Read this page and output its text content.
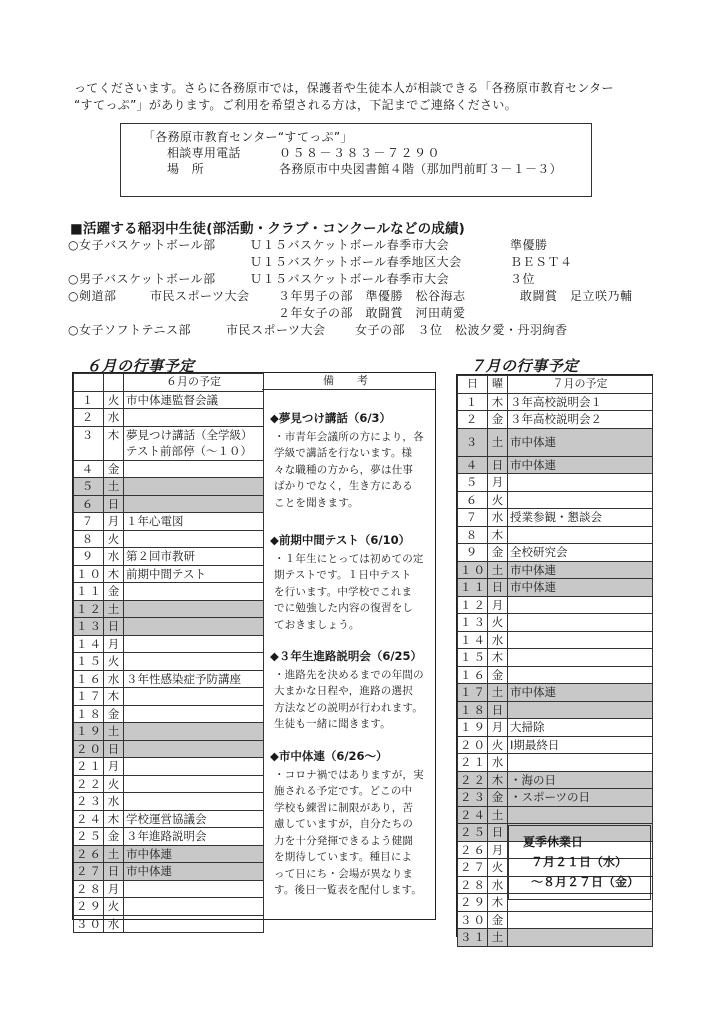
ってくださいます。さらに各務原市では，保護者や生徒本人が相談できる「各務原市教育センター
“すてっぷ”」があります。ご利用を希望される方は，下記までご連絡ください。
「各務原市教育センター“すてっぷ”」
相談専用電話	０５８－３８３－７２９０
場　所	各務原市中央図書館４階（那加門前町３－１－３）
■活躍する稲羽中生徒(部活動・クラブ・コンクールなどの成績)
○女子バスケットボール部	Ｕ１５バスケットボール春季市大会	準優勝
Ｕ１５バスケットボール春季地区大会	ＢＥＳＴ４
○男子バスケットボール部	Ｕ１５バスケットボール春季市大会	３位
○剣道部	市民スポーツ大会 ３年男子の部　準優勝　松谷海志	敢闘賞　足立咲乃輔
２年女子の部　敢闘賞　河田萌愛
○女子ソフトテニス部	市民スポーツ大会 女子の部　３位　松波夕愛・丹羽絢香
６月の行事予定
		６月の予定
１	火	市中体連監督会議
２	水	
３	木	夢見つけ講話（全学級）
テスト前部停（～１０）

４	金	
５	土	
６	日	
７	月	１年心電図
８	火	
９	水	第２回市教研
１０	木	前期中間テスト
１１	金	
１２	土	
１３	日	
１４	月	
１５	火	
１６	水	３年性感染症予防講座
１７	木	
１８	金	
１９	土	
２０	日	
２１	月	
２２	火	
２３	水	
２４	木	学校運営協議会
２５	金	３年進路説明会
２６	土	市中体連
２７	日	市中体連
２８	月	
２９	火	
３０	水	
備　考
◆夢見つけ講話（6/3）
・市青年会議所の方により，各
学級で講話を行ないます。様
々な職種の方から，夢は仕事
ばかりでなく，生き方にある
ことを聞きます。
◆前期中間テスト（6/10）
・１年生にとっては初めての定
期テストです。１日中テスト
を行います。中学校でこれま
でに勉強した内容の復習をし
ておきましょう。
◆３年生進路説明会（6/25）
・進路先を決めるまでの年間の
大まかな日程や，進路の選択
方法などの説明が行われます。
生徒も一緒に聞きます。
◆市中体連（6/26～）
・コロナ禍ではありますが，実
施される予定です。どこの中
学校も練習に制限があり，苦
慮していますが，自分たちの
力を十分発揮できるよう健闘
を期待しています。種目によ
って日にち・会場が異なりま
す。後日一覧表を配付します。
７月の行事予定
日	曜	７月の予定
１	木	３年高校説明会１
２	金	３年高校説明会２
３	土	市中体連
４	日	市中体連
５	月	
６	火	
７	水	授業参観・懇談会
８	木	
９	金	全校研究会
１０	土	市中体連
１１	日	市中体連
１２	月	
１３	火	
１４	水	
１５	木	
１６	金	
１７	土	市中体連
１８	日	
１９	月	大掃除
２０	火	Ⅰ期最終日
２１	水	
２２	木	・海の日
２３	金	・スポーツの日
２４	土	
２５	日	
２６	月	
２７	火	
２８	水	
２９	木	
３０	金	
３１	土	
夏季休業日
７月２１日（水）
～８月２７日（金）
